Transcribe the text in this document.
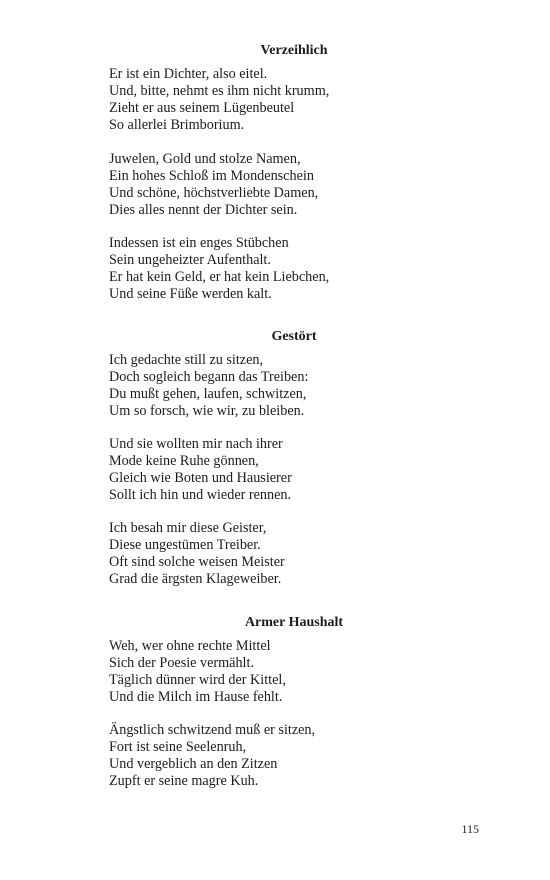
Verzeihlich
Er ist ein Dichter, also eitel.
Und, bitte, nehmt es ihm nicht krumm,
Zieht er aus seinem Lügenbeutel
So allerlei Brimborium.
Juwelen, Gold und stolze Namen,
Ein hohes Schloß im Mondenschein
Und schöne, höchstverliebte Damen,
Dies alles nennt der Dichter sein.
Indessen ist ein enges Stübchen
Sein ungeheizter Aufenthalt.
Er hat kein Geld, er hat kein Liebchen,
Und seine Füße werden kalt.
Gestört
Ich gedachte still zu sitzen,
Doch sogleich begann das Treiben:
Du mußt gehen, laufen, schwitzen,
Um so forsch, wie wir, zu bleiben.
Und sie wollten mir nach ihrer
Mode keine Ruhe gönnen,
Gleich wie Boten und Hausierer
Sollt ich hin und wieder rennen.
Ich besah mir diese Geister,
Diese ungestümen Treiber.
Oft sind solche weisen Meister
Grad die ärgsten Klageweiber.
Armer Haushalt
Weh, wer ohne rechte Mittel
Sich der Poesie vermählt.
Täglich dünner wird der Kittel,
Und die Milch im Hause fehlt.
Ängstlich schwitzend muß er sitzen,
Fort ist seine Seelenruh,
Und vergeblich an den Zitzen
Zupft er seine magre Kuh.
115
